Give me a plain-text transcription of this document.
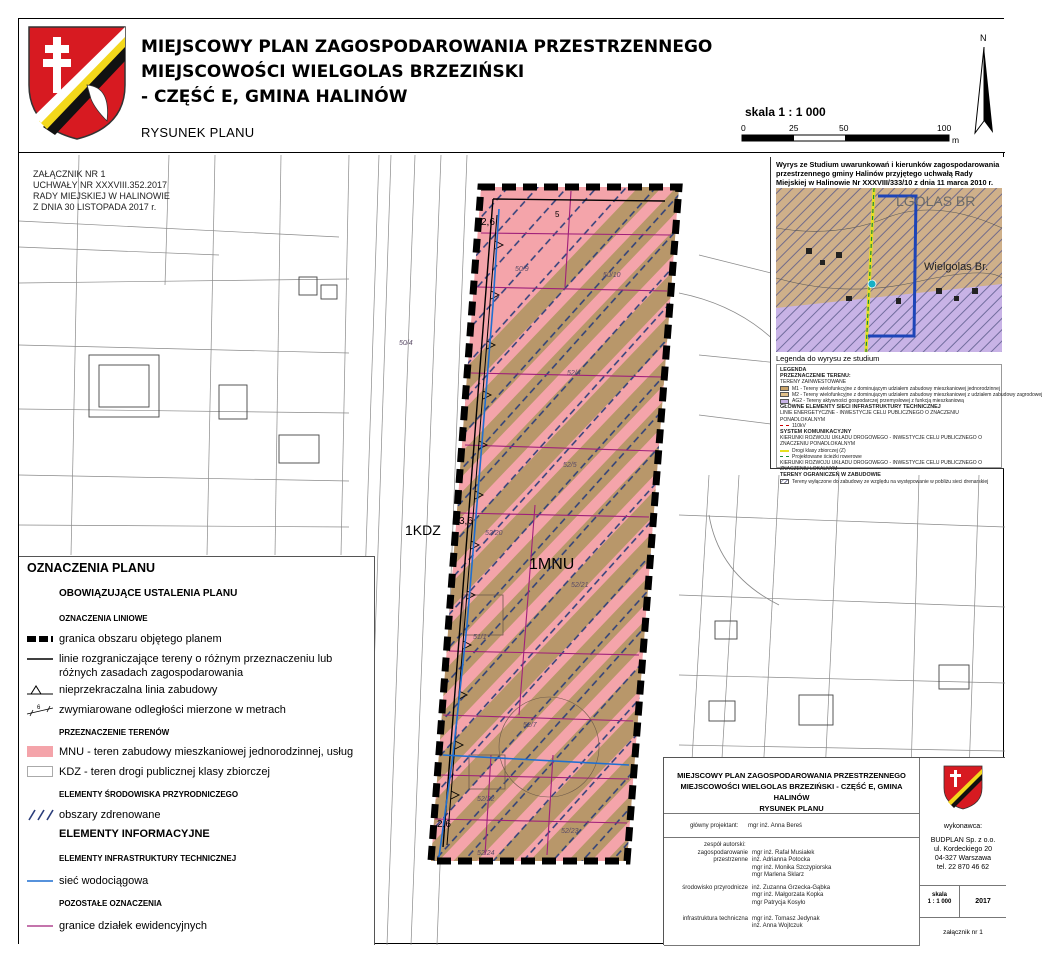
MIEJSCOWY PLAN ZAGOSPODAROWANIA PRZESTRZENNEGO
MIEJSCOWOŚCI WIELGOLAS BRZEZIŃSKI
- CZĘŚĆ E, GMINA HALINÓW
RYSUNEK PLANU
skala 1 : 1 000
0	25	50	100
m
N
2,6
3,6
2,6
5
50/9
50/10
52/4
52/5
52/20
52/21
51/1
52/7
52/22
52/23
52/24
50/4
1MNU
1KDZ
ZAŁĄCZNIK NR 1
UCHWAŁY NR XXXVIII.352.2017
RADY MIEJSKIEJ W HALINOWIE
Z DNIA 30 LISTOPADA 2017 r.
Wyrys ze Studium uwarunkowań i kierunków zagospodarowania przestrzennego gminy Halinów przyjętego uchwałą Rady Miejskiej w Halinowie Nr XXXVIII/333/10 z dnia 11 marca 2010 r.
Wielgolas Br.
LGOLAS BR
Legenda do wyrysu ze studium
LEGENDA
PRZEZNACZENIE TERENU:
TERENY ZAINWESTOWANE
M1 - Tereny wielofunkcyjne z dominującym udziałem zabudowy mieszkaniowej jednorodzinnej
M2 - Tereny wielofunkcyjne z dominującym udziałem zabudowy mieszkaniowej z udziałem zabudowy zagrodowej
AG2 - Tereny aktywności gospodarczej przemysłowej z funkcją mieszkaniową
GŁÓWNE ELEMENTY SIECI INFRASTRUKTURY TECHNICZNEJ
LINIE ENERGETYCZNE - INWESTYCJE CELU PUBLICZNEGO O ZNACZENIU PONADLOKALNYM
110kV
SYSTEM KOMUNIKACYJNY
KIERUNKI ROZWOJU UKŁADU DROGOWEGO - INWESTYCJE CELU PUBLICZNEGO O ZNACZENIU PONADLOKALNYM
Drogi klasy zbiorczej (Z)
Projektowane ścieżki rowerowe
KIERUNKI ROZWOJU UKŁADU DROGOWEGO - INWESTYCJE CELU PUBLICZNEGO O ZNACZENIU LOKALNYM
TERENY OGRANICZEŃ W ZABUDOWIE
Tereny wyłączone do zabudowy ze względu na występowanie w pobliżu sieci drenarskiej
OZNACZENIA PLANU
OBOWIĄZUJĄCE USTALENIA PLANU
OZNACZENIA LINIOWE
granica obszaru objętego planem
linie rozgraniczające tereny o różnym przeznaczeniu lub różnych zasadach zagospodarowania
nieprzekraczalna linia zabudowy
6 zwymiarowane odległości mierzone w metrach
PRZEZNACZENIE TERENÓW
MNU - teren zabudowy mieszkaniowej jednorodzinnej, usług
KDZ - teren drogi publicznej klasy zbiorczej
ELEMENTY ŚRODOWISKA PRZYRODNICZEGO
obszary zdrenowane
ELEMENTY INFORMACYJNE
ELEMENTY INFRASTRUKTURY TECHNICZNEJ
sieć wodociągowa
POZOSTAŁE OZNACZENIA
granice działek ewidencyjnych
MIEJSCOWY PLAN ZAGOSPODAROWANIA PRZESTRZENNEGO
MIEJSCOWOŚCI WIELGOLAS BRZEZIŃSKI - CZĘŚĆ E, GMINA HALINÓW
RYSUNEK PLANU
główny projektant: mgr inż. Anna Bereś
zespół autorski:
zagospodarowanie przestrzenne
mgr inż. Rafał Musiałek
inż. Adrianna Potocka
mgr inż. Monika Szczypiorska
mgr Marlena Sklarz
środowisko przyrodnicze inż. Zuzanna Grzecka-Gąbka
mgr inż. Małgorzata Kopka
mgr Patrycja Kosyło
infrastruktura techniczna mgr inż. Tomasz Jedynak
inż. Anna Wojtczuk
wykonawca:
BUDPLAN Sp. z o.o.
ul. Kordeckiego 20
04-327 Warszawa
tel. 22 870 46 62
skala
1 : 1 000	2017
załącznik nr 1
